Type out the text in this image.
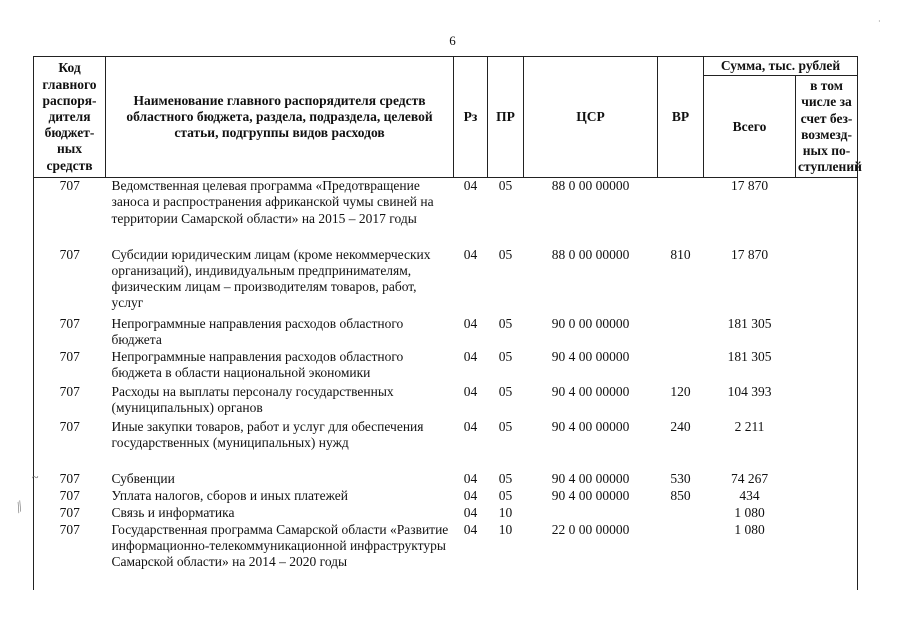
6
Код главного распоря-дителя бюджет-ных средств	Наименование главного распорядителя средств областного бюджета, раздела, подраздела, целевой статьи, подгруппы видов расходов	Рз	ПР	ЦСР	ВР	Сумма, тыс. рублей	
						Всего	в том числе за счет без-возмезд-ных по-ступлений
707	Ведомственная целевая программа «Предотвращение заноса и распространения африканской чумы свиней на территории Самарской области» на 2015 – 2017 годы	04	05	88 0 00 00000		17 870	
707	Субсидии юридическим лицам (кроме некоммерческих организаций), индивидуальным предпринимателям, физическим лицам – производителям товаров, работ, услуг	04	05	88 0 00 00000	810	17 870	
707	Непрограммные направления расходов областного бюджета	04	05	90 0 00 00000		181 305	
707	Непрограммные направления расходов областного бюджета в области национальной экономики	04	05	90 4 00 00000		181 305	
707	Расходы на выплаты персоналу государственных (муниципальных) органов	04	05	90 4 00 00000	120	104 393	
707	Иные закупки товаров, работ и услуг для обеспечения государственных (муниципальных) нужд	04	05	90 4 00 00000	240	2 211	
707	Субвенции	04	05	90 4 00 00000	530	74 267	
707	Уплата налогов, сборов и иных платежей	04	05	90 4 00 00000	850	434	
707	Связь и информатика	04	10			1 080	
707	Государственная программа Самарской области «Развитие информационно-телекоммуникационной инфраструктуры Самарской области» на 2014 – 2020 годы	04	10	22 0 00 00000		1 080	
~
⁄⁄
·
